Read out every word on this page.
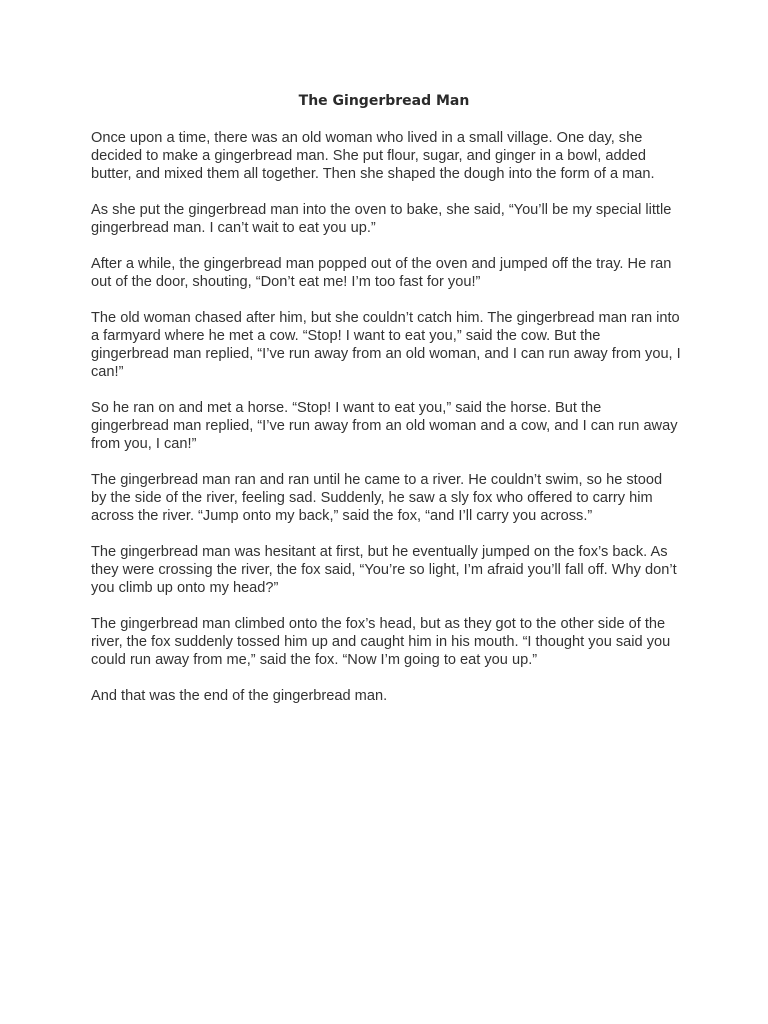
The Gingerbread Man

Once upon a time, there was an old woman who lived in a small village. One day, she decided to make a gingerbread man. She put flour, sugar, and ginger in a bowl, added butter, and mixed them all together. Then she shaped the dough into the form of a man.

As she put the gingerbread man into the oven to bake, she said, “You’ll be my special little gingerbread man. I can’t wait to eat you up.”

After a while, the gingerbread man popped out of the oven and jumped off the tray. He ran out of the door, shouting, “Don’t eat me! I’m too fast for you!”

The old woman chased after him, but she couldn’t catch him. The gingerbread man ran into a farmyard where he met a cow. “Stop! I want to eat you,” said the cow. But the gingerbread man replied, “I’ve run away from an old woman, and I can run away from you, I can!”

So he ran on and met a horse. “Stop! I want to eat you,” said the horse. But the gingerbread man replied, “I’ve run away from an old woman and a cow, and I can run away from you, I can!”

The gingerbread man ran and ran until he came to a river. He couldn’t swim, so he stood by the side of the river, feeling sad. Suddenly, he saw a sly fox who offered to carry him across the river. “Jump onto my back,” said the fox, “and I’ll carry you across.”

The gingerbread man was hesitant at first, but he eventually jumped on the fox’s back. As they were crossing the river, the fox said, “You’re so light, I’m afraid you’ll fall off. Why don’t you climb up onto my head?”

The gingerbread man climbed onto the fox’s head, but as they got to the other side of the river, the fox suddenly tossed him up and caught him in his mouth. “I thought you said you could run away from me,” said the fox. “Now I’m going to eat you up.”

And that was the end of the gingerbread man.
